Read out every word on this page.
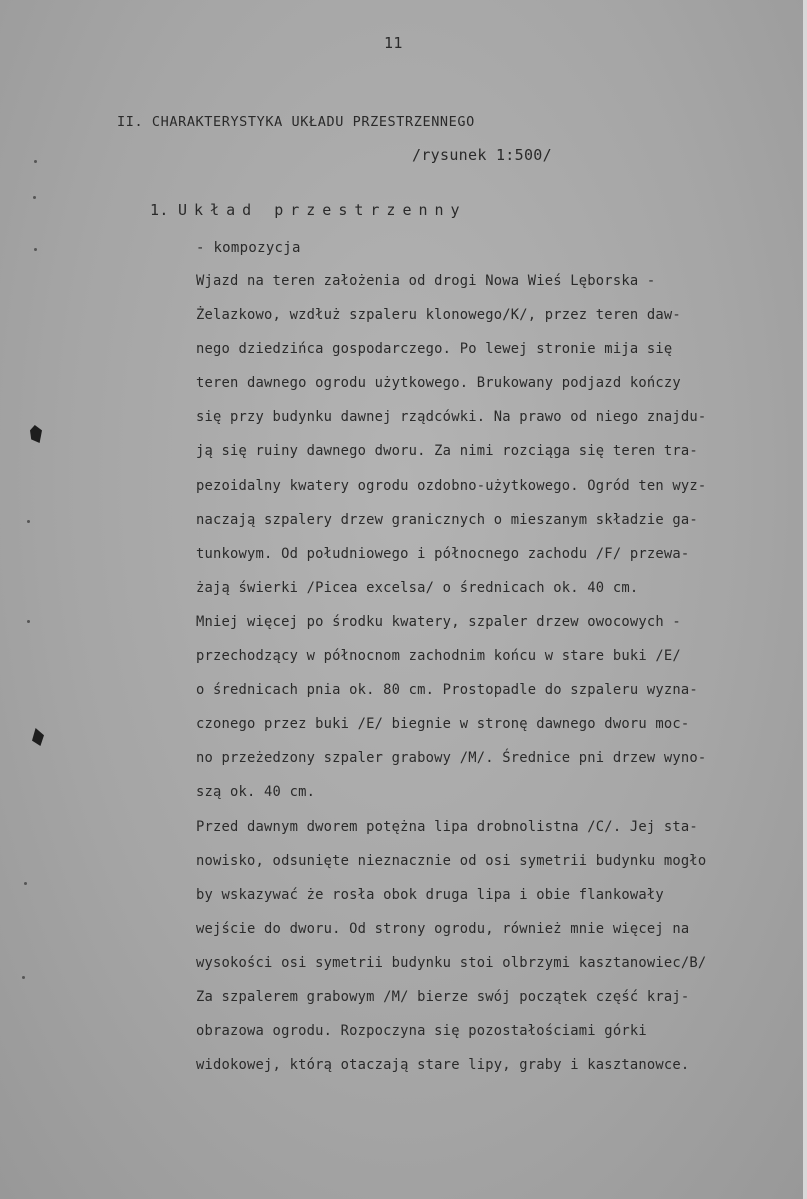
11
II. CHARAKTERYSTYKA UKŁADU PRZESTRZENNEGO
/rysunek 1:500/
1. Układ przestrzenny
- kompozycja
Wjazd na teren założenia od drogi Nowa Wieś Lęborska -
Żelazkowo, wzdłuż szpaleru klonowego/K/, przez teren daw-
nego dziedzińca gospodarczego. Po lewej stronie mija się
teren dawnego ogrodu użytkowego. Brukowany podjazd kończy
się przy budynku dawnej rządcówki. Na prawo od niego znajdu-
ją się ruiny dawnego dworu. Za nimi rozciąga się teren tra-
pezoidalny kwatery ogrodu ozdobno-użytkowego. Ogród ten wyz-
naczają szpalery drzew granicznych o mieszanym składzie ga-
tunkowym. Od południowego i północnego zachodu /F/ przewa-
żają świerki /Picea excelsa/ o średnicach ok. 40 cm.
Mniej więcej po środku kwatery, szpaler drzew owocowych -
przechodzący w północnom zachodnim końcu w stare buki /E/
o średnicach pnia ok. 80 cm. Prostopadle do szpaleru wyzna-
czonego przez buki /E/ biegnie w stronę dawnego dworu moc-
no przeżedzony szpaler grabowy /M/. Średnice pni drzew wyno-
szą ok. 40 cm.
Przed dawnym dworem potężna lipa drobnolistna /C/. Jej sta-
nowisko, odsunięte nieznacznie od osi symetrii budynku mogło
by wskazywać że rosła obok druga lipa i obie flankowały
wejście do dworu. Od strony ogrodu, również mnie więcej na
wysokości osi symetrii budynku stoi olbrzymi kasztanowiec/B/
Za szpalerem grabowym /M/ bierze swój początek część kraj-
obrazowa ogrodu. Rozpoczyna się pozostałościami górki
widokowej, którą otaczają stare lipy, graby i kasztanowce.
